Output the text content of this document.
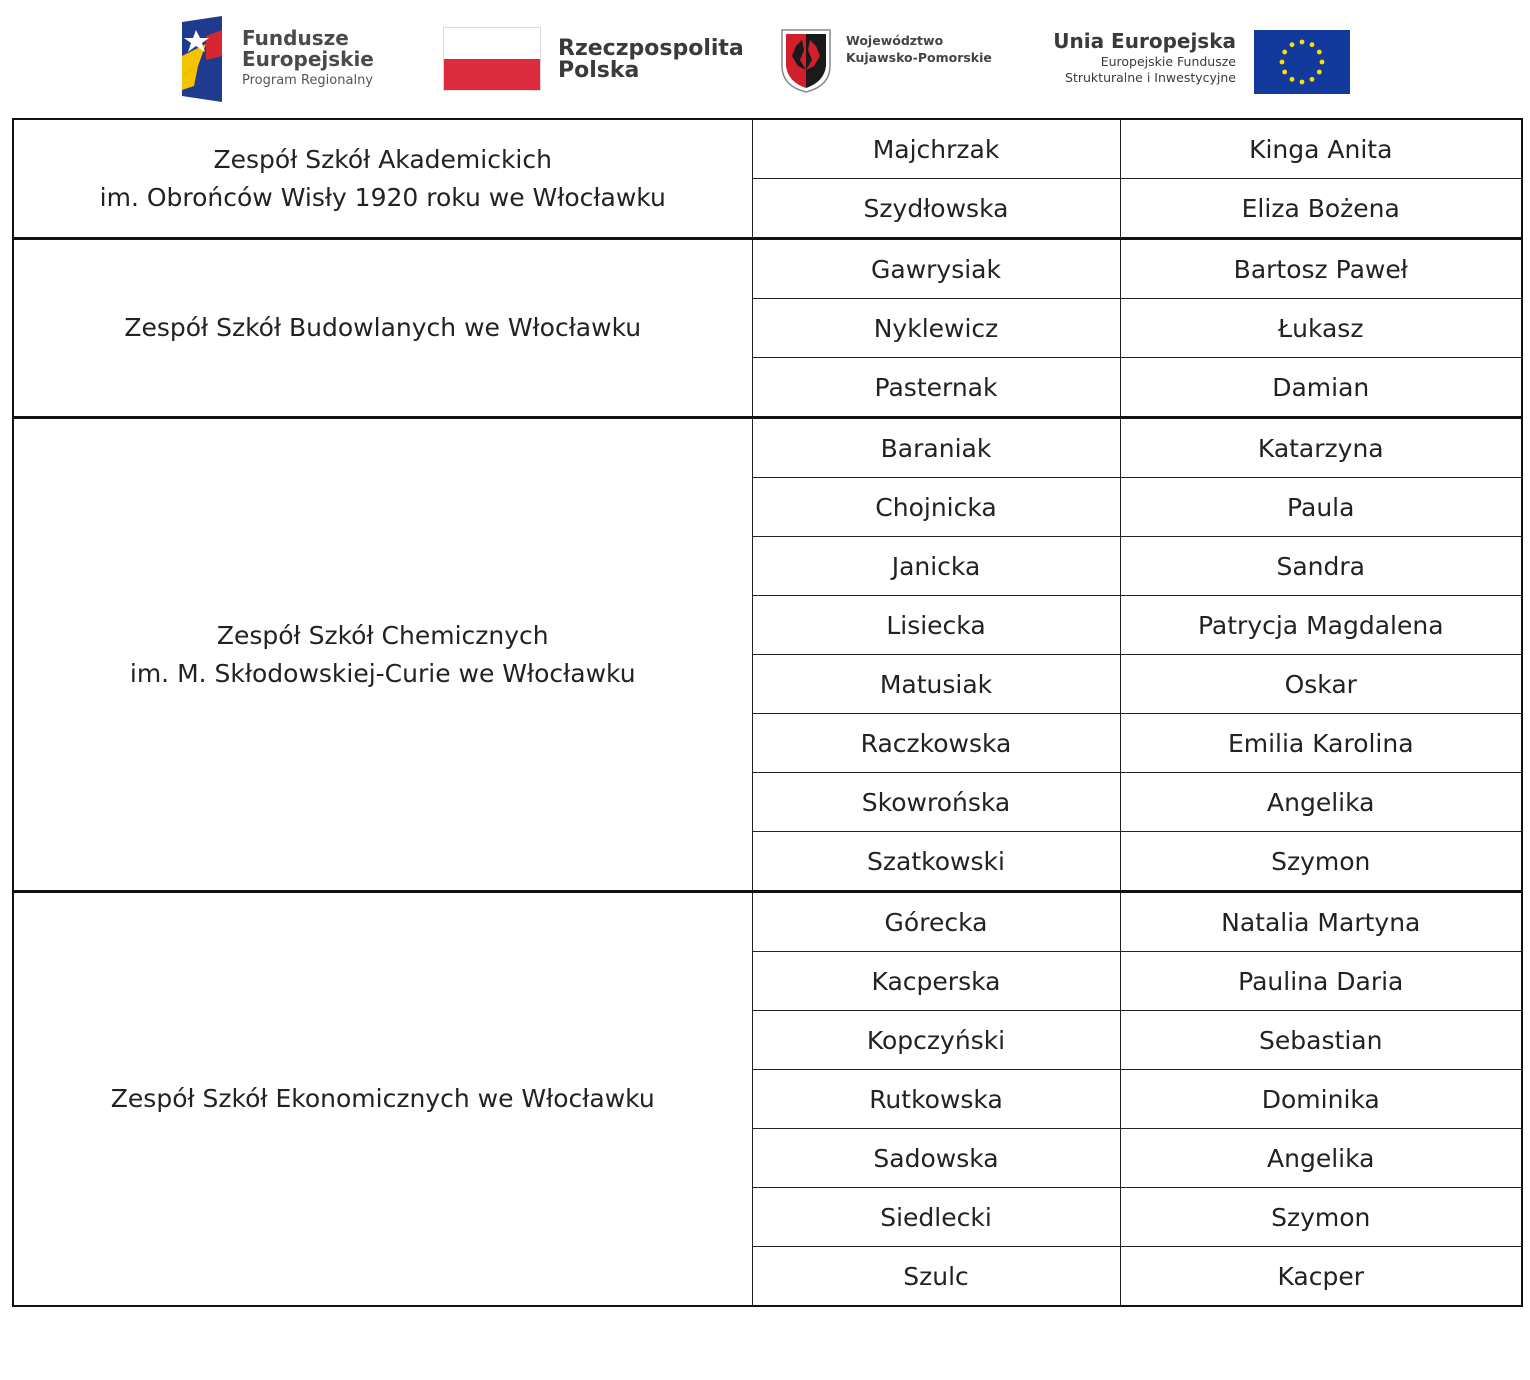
Fundusze
Europejskie
Program Regionalny
Rzeczpospolita
Polska
Województwo
Kujawsko-Pomorskie
Unia Europejska
Europejskie Fundusze
Strukturalne i Inwestycyjne
Zespół Szkół Akademickich
im. Obrońców Wisły 1920 roku we Włocławku	Majchrzak	Kinga Anita
	Szydłowska	Eliza Bożena

Zespół Szkół Budowlanych we Włocławku	Gawrysiak	Bartosz Paweł
	Nyklewicz	Łukasz
	Pasternak	Damian

Zespół Szkół Chemicznych
im. M. Skłodowskiej-Curie we Włocławku	Baraniak	Katarzyna
	Chojnicka	Paula
	Janicka	Sandra
	Lisiecka	Patrycja Magdalena
	Matusiak	Oskar
	Raczkowska	Emilia Karolina
	Skowrońska	Angelika
	Szatkowski	Szymon

Zespół Szkół Ekonomicznych we Włocławku	Górecka	Natalia Martyna
	Kacperska	Paulina Daria
	Kopczyński	Sebastian
	Rutkowska	Dominika
	Sadowska	Angelika
	Siedlecki	Szymon
	Szulc	Kacper
